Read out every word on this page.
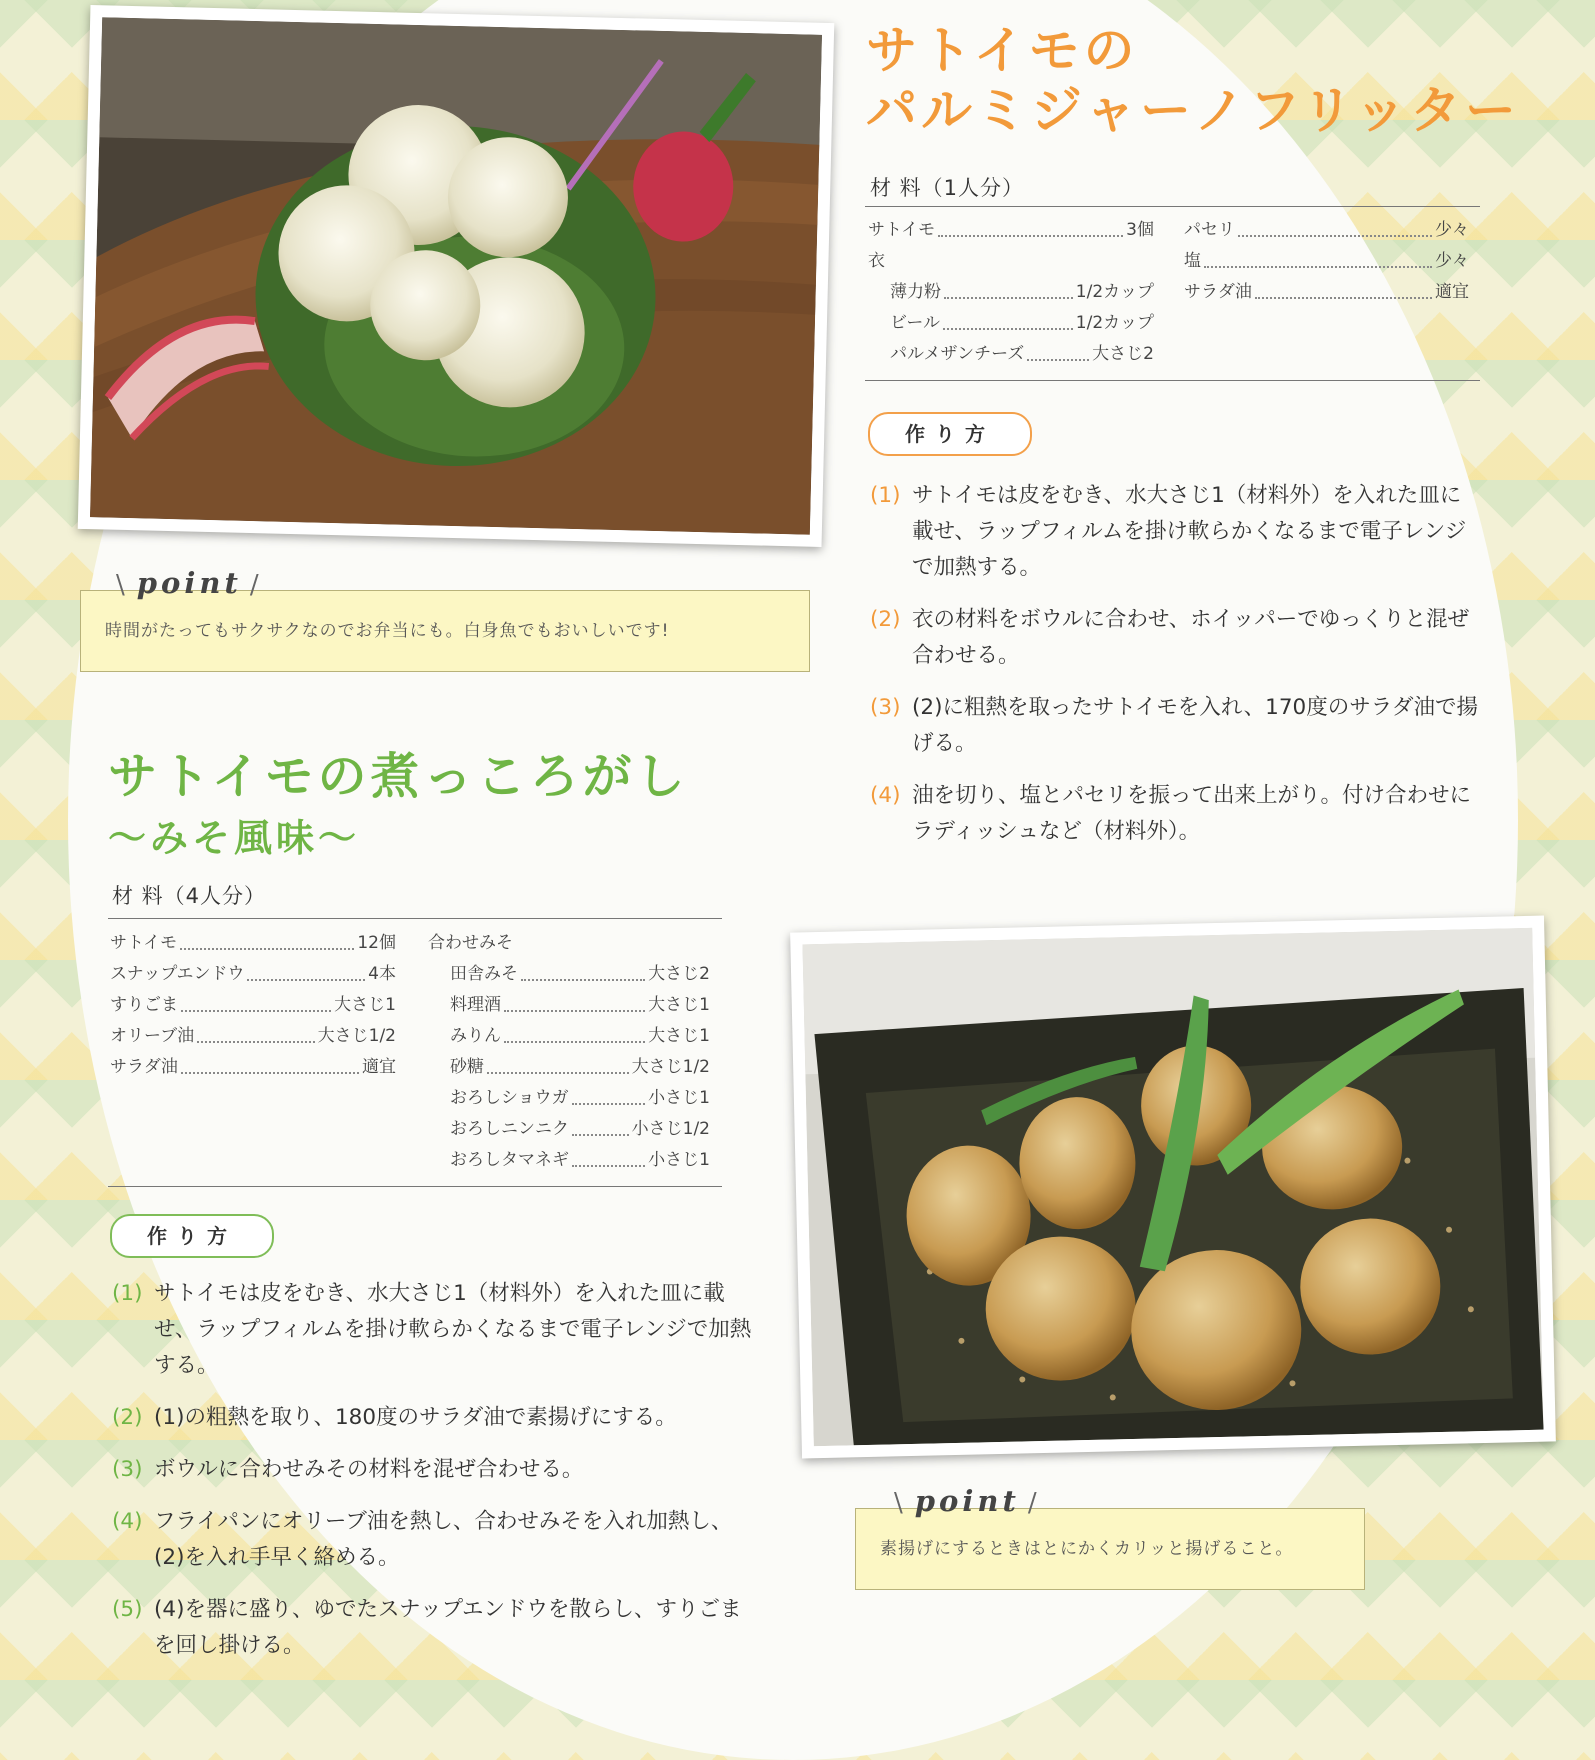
サトイモの
パルミジャーノフリッター
材 料（1人分）
サトイモ	3個
衣
薄力粉	1/2カップ
ビール	1/2カップ
パルメザンチーズ	大さじ2
パセリ	少々
塩	少々
サラダ油	適宜
作り方
(1) サトイモは皮をむき、水大さじ1（材料外）を入れた皿に載せ、ラップフィルムを掛け軟らかくなるまで電子レンジで加熱する。
(2) 衣の材料をボウルに合わせ、ホイッパーでゆっくりと混ぜ合わせる。
(3) (2)に粗熱を取ったサトイモを入れ、170度のサラダ油で揚げる。
(4) 油を切り、塩とパセリを振って出来上がり。付け合わせにラディッシュなど（材料外）。
時間がたってもサクサクなのでお弁当にも。白身魚でもおいしいです!
\ point /
サトイモの煮っころがし
～みそ風味～
材 料（4人分）
サトイモ	12個
スナップエンドウ	4本
すりごま	大さじ1
オリーブ油	大さじ1/2
サラダ油	適宜
合わせみそ
田舎みそ	大さじ2
料理酒	大さじ1
みりん	大さじ1
砂糖	大さじ1/2
おろしショウガ	小さじ1
おろしニンニク	小さじ1/2
おろしタマネギ	小さじ1
作り方
(1) サトイモは皮をむき、水大さじ1（材料外）を入れた皿に載せ、ラップフィルムを掛け軟らかくなるまで電子レンジで加熱する。
(2) (1)の粗熱を取り、180度のサラダ油で素揚げにする。
(3) ボウルに合わせみその材料を混ぜ合わせる。
(4) フライパンにオリーブ油を熱し、合わせみそを入れ加熱し、(2)を入れ手早く絡める。
(5) (4)を器に盛り、ゆでたスナップエンドウを散らし、すりごまを回し掛ける。
素揚げにするときはとにかくカリッと揚げること。
\ point /
